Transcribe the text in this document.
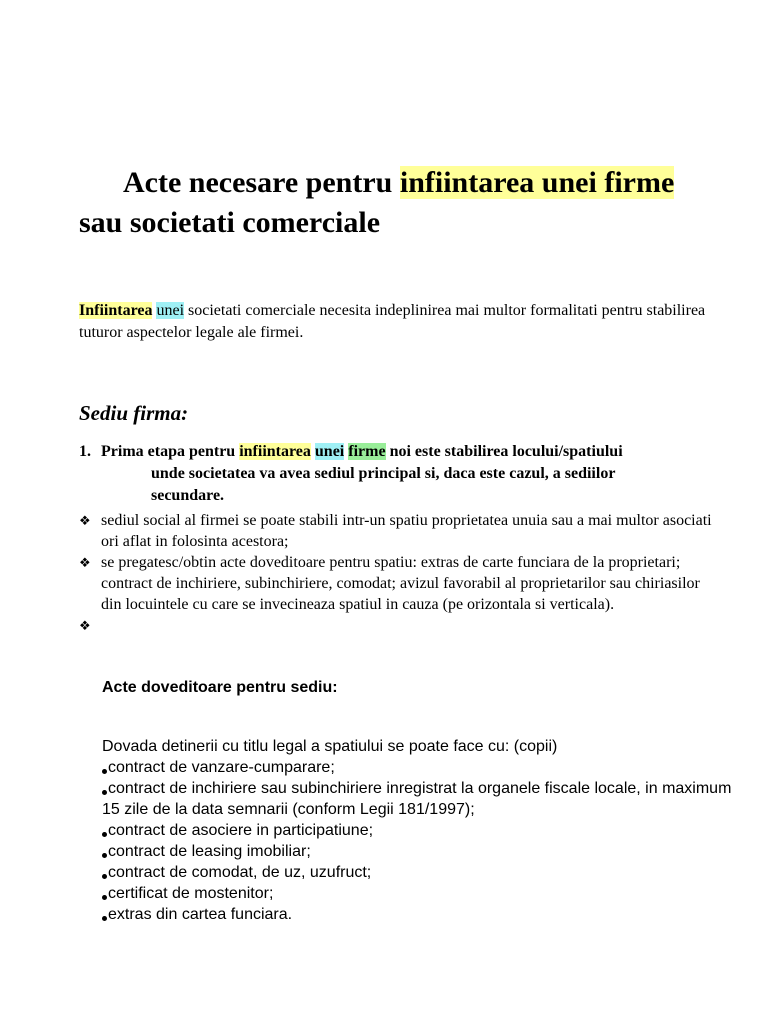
Acte necesare pentru infiintarea unei firme sau societati comerciale

Infiintarea unei societati comerciale necesita indeplinirea mai multor formalitati pentru stabilirea tuturor aspectelor legale ale firmei.

Sediu firma:
1. Prima etapa pentru infiintarea unei firme noi este stabilirea locului/spatiului
unde societatea va avea sediul principal si, daca este cazul, a sediilor
secundare.
❖ sediul social al firmei se poate stabili intr-un spatiu proprietatea unuia sau a mai multor asociati ori aflat in folosinta acestora;
❖ se pregatesc/obtin acte doveditoare pentru spatiu: extras de carte funciara de la proprietari; contract de inchiriere, subinchiriere, comodat; avizul favorabil al proprietarilor sau chiriasilor din locuintele cu care se invecineaza spatiul in cauza (pe orizontala si verticala).
❖
Acte doveditoare pentru sediu:
Dovada detinerii cu titlu legal a spatiului se poate face cu: (copii)
contract de vanzare-cumparare;
contract de inchiriere sau subinchiriere inregistrat la organele fiscale locale, in maximum 15 zile de la data semnarii (conform Legii 181/1997);
contract de asociere in participatiune;
contract de leasing imobiliar;
contract de comodat, de uz, uzufruct;
certificat de mostenitor;
extras din cartea funciara.
